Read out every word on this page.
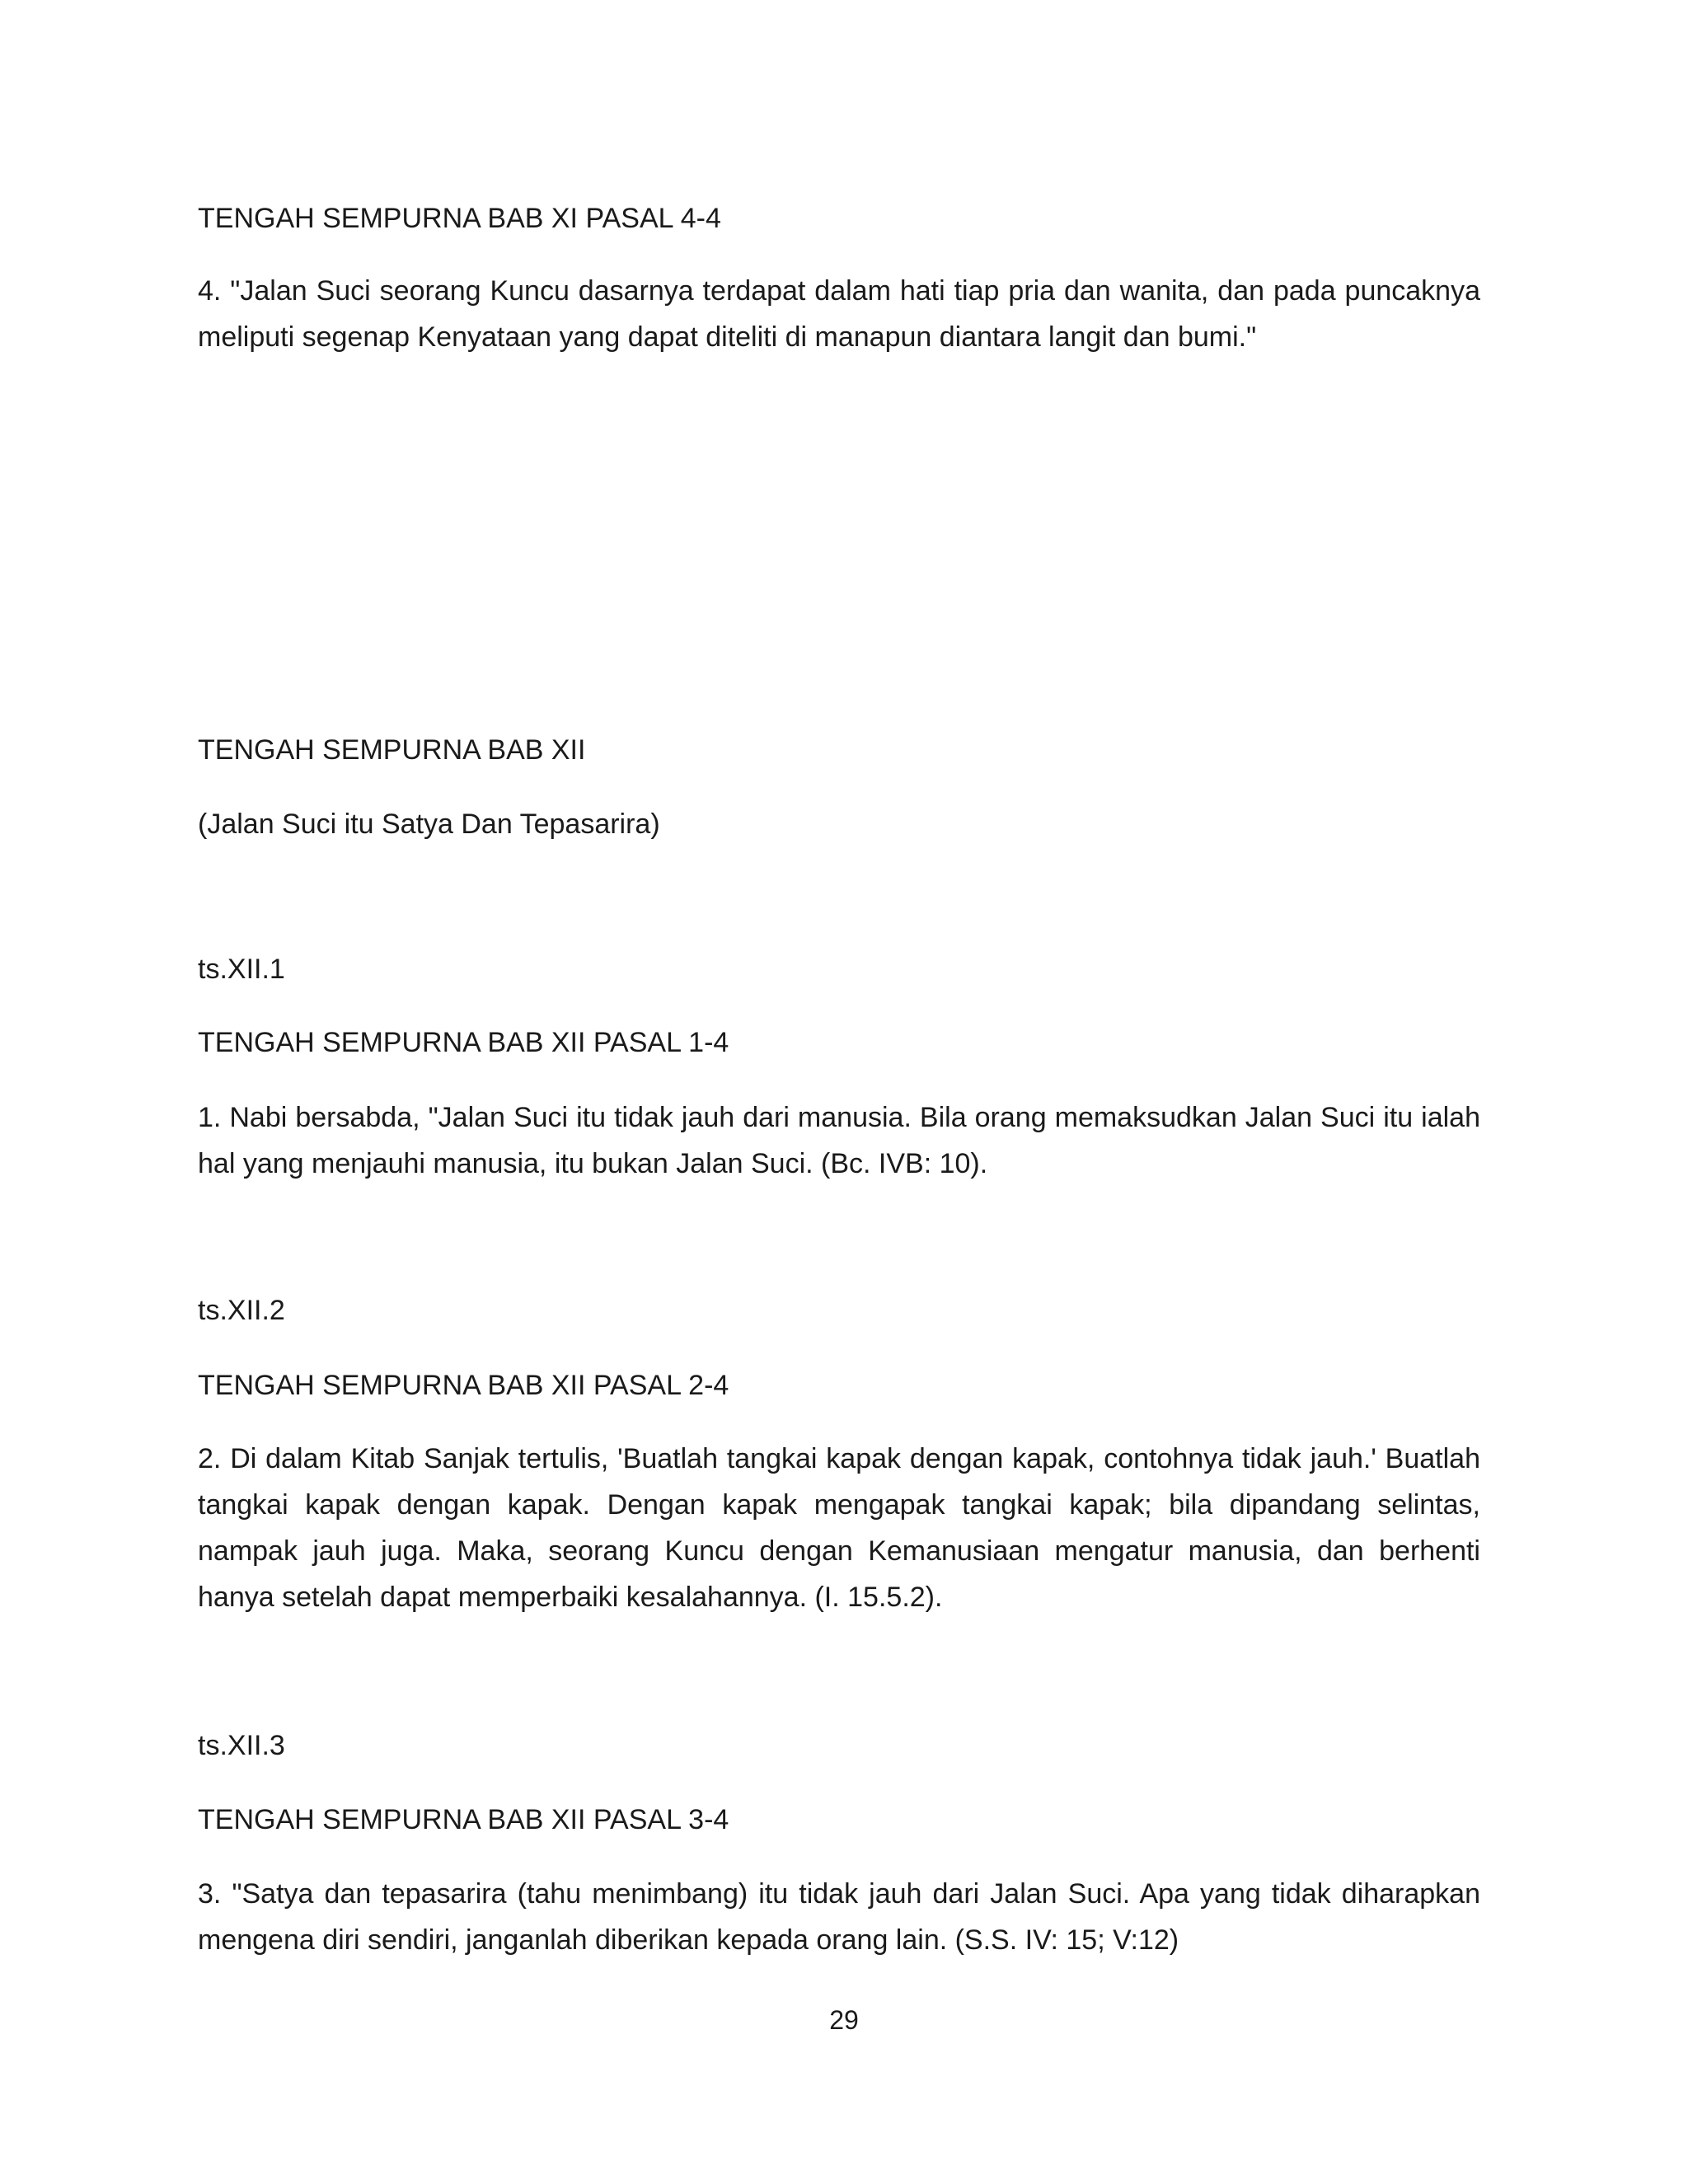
TENGAH SEMPURNA BAB XI PASAL 4-4

4. "Jalan Suci seorang Kuncu dasarnya terdapat dalam hati tiap pria dan wanita, dan pada puncaknya meliputi segenap Kenyataan yang dapat diteliti di manapun diantara langit dan bumi."

TENGAH SEMPURNA BAB XII

(Jalan Suci itu Satya Dan Tepasarira)

ts.XII.1

TENGAH SEMPURNA BAB XII PASAL 1-4

1. Nabi bersabda, "Jalan Suci itu tidak jauh dari manusia. Bila orang memaksudkan Jalan Suci itu ialah hal yang menjauhi manusia, itu bukan Jalan Suci. (Bc. IVB: 10).

ts.XII.2

TENGAH SEMPURNA BAB XII PASAL 2-4

2. Di dalam Kitab Sanjak tertulis, 'Buatlah tangkai kapak dengan kapak, contohnya tidak jauh.' Buatlah tangkai kapak dengan kapak. Dengan kapak mengapak tangkai kapak; bila dipandang selintas, nampak jauh juga. Maka, seorang Kuncu dengan Kemanusiaan mengatur manusia, dan berhenti hanya setelah dapat memperbaiki kesalahannya. (I. 15.5.2).

ts.XII.3

TENGAH SEMPURNA BAB XII PASAL 3-4

3. "Satya dan tepasarira (tahu menimbang) itu tidak jauh dari Jalan Suci. Apa yang tidak diharapkan mengena diri sendiri, janganlah diberikan kepada orang lain. (S.S. IV: 15; V:12)

29
